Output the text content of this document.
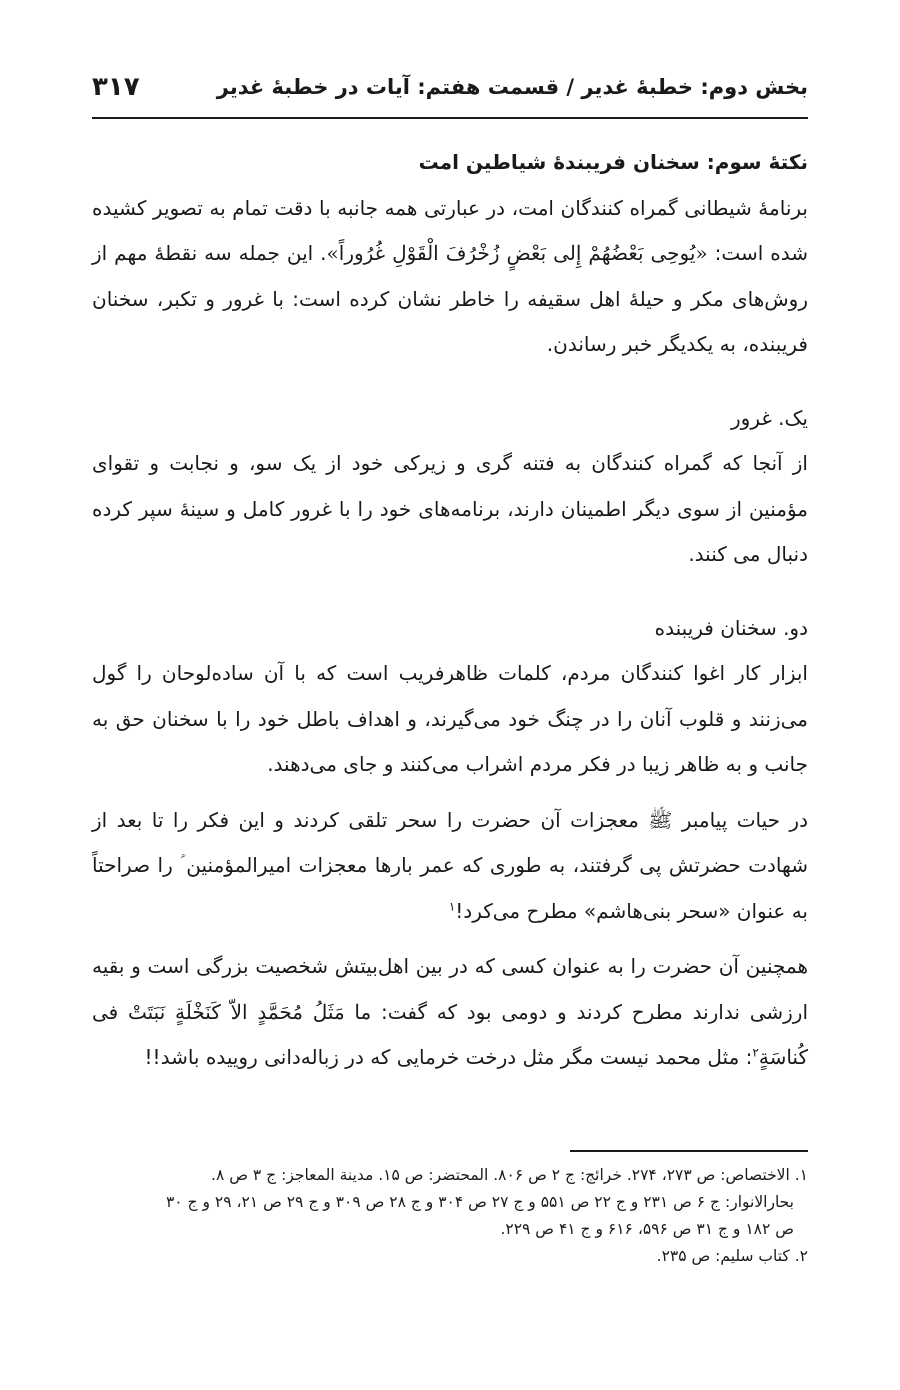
بخش دوم: خطبهٔ غدیر / قسمت هفتم: آیات در خطبهٔ غدیر
۳۱۷

نکتهٔ سوم: سخنان فریبندهٔ شیاطین امت

برنامهٔ شیطانی گمراه کنندگان امت، در عبارتی همه جانبه با دقت تمام به تصویر کشیده شده است: «یُوحِی بَعْضُهُمْ إِلی بَعْضٍ زُخْرُفَ الْقَوْلِ غُرُوراً». این جمله سه نقطهٔ مهم از روش‌های مکر و حیلهٔ اهل سقیفه را خاطر نشان کرده است: با غرور و تکبر، سخنان فریبنده، به یکدیگر خبر رساندن.

یک. غرور

از آنجا که گمراه کنندگان به فتنه گری و زیرکی خود از یک سو، و نجابت و تقوای مؤمنین از سوی دیگر اطمینان دارند، برنامه‌های خود را با غرور کامل و سینهٔ سپر کرده دنبال می کنند.

دو. سخنان فریبنده

ابزار کار اغوا کنندگان مردم، کلمات ظاهرفریب است که با آن ساده‌لوحان را گول می‌زنند و قلوب آنان را در چنگ خود می‌گیرند، و اهداف باطل خود را با سخنان حق به جانب و به ظاهر زیبا در فکر مردم اشراب می‌کنند و جای می‌دهند.

در حیات پیامبر ﷺ معجزات آن حضرت را سحر تلقی کردند و این فکر را تا بعد از شهادت حضرتش پی گرفتند، به طوری که عمر بارها معجزات امیرالمؤمنین ؑ را صراحتاً به عنوان «سحر بنی‌هاشم» مطرح می‌کرد!$^۱$

همچنین آن حضرت را به عنوان کسی که در بین اهل‌بیتش شخصیت بزرگی است و بقیه ارزشی ندارند مطرح کردند و دومی بود که گفت: ما مَثَلُ مُحَمَّدٍ الاّ کَنَخْلَةٍ نَبَتَتْ فی کُناسَةٍ$^۲$: مثل محمد نیست مگر مثل درخت خرمایی که در زباله‌دانی روییده باشد!!

۱. الاختصاص: ص ۲۷۳، ۲۷۴. خرائج: ج ۲ ص ۸۰۶. المحتضر: ص ۱۵. مدینة المعاجز: ج ۳ ص ۸.

بحارالانوار: ج ۶ ص ۲۳۱ و ج ۲۲ ص ۵۵۱ و ج ۲۷ ص ۳۰۴ و ج ۲۸ ص ۳۰۹ و ج ۲۹ ص ۲۱، ۲۹ و ج ۳۰

ص ۱۸۲ و ج ۳۱ ص ۵۹۶، ۶۱۶ و ج ۴۱ ص ۲۲۹.

۲. کتاب سلیم: ص ۲۳۵.
